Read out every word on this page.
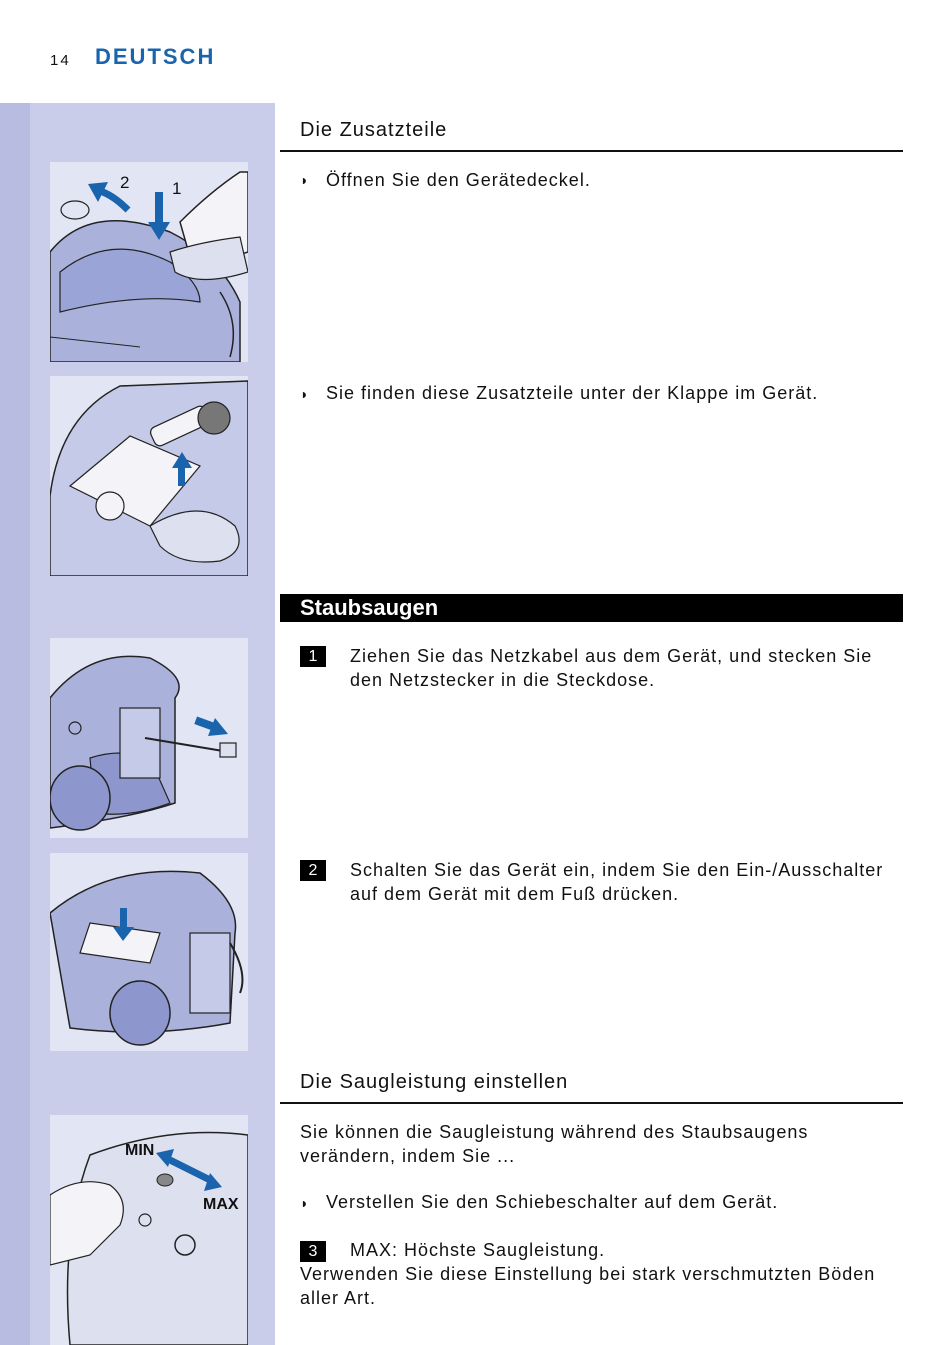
14 DEUTSCH
2	1
MIN
MAX
Die Zusatzteile
◗ Öffnen Sie den Gerätedeckel.
◗ Sie finden diese Zusatzteile unter der Klappe im Gerät.
Staubsaugen
1	Ziehen Sie das Netzkabel aus dem Gerät, und stecken Sie den Netzstecker in die Steckdose.
2	Schalten Sie das Gerät ein, indem Sie den Ein-/Ausschalter auf dem Gerät mit dem Fuß drücken.
Die Saugleistung einstellen
Sie können die Saugleistung während des Staubsaugens verändern, indem Sie ...
◗ Verstellen Sie den Schiebeschalter auf dem Gerät.
3	MAX: Höchste Saugleistung.
Verwenden Sie diese Einstellung bei stark verschmutzten Böden aller Art.
